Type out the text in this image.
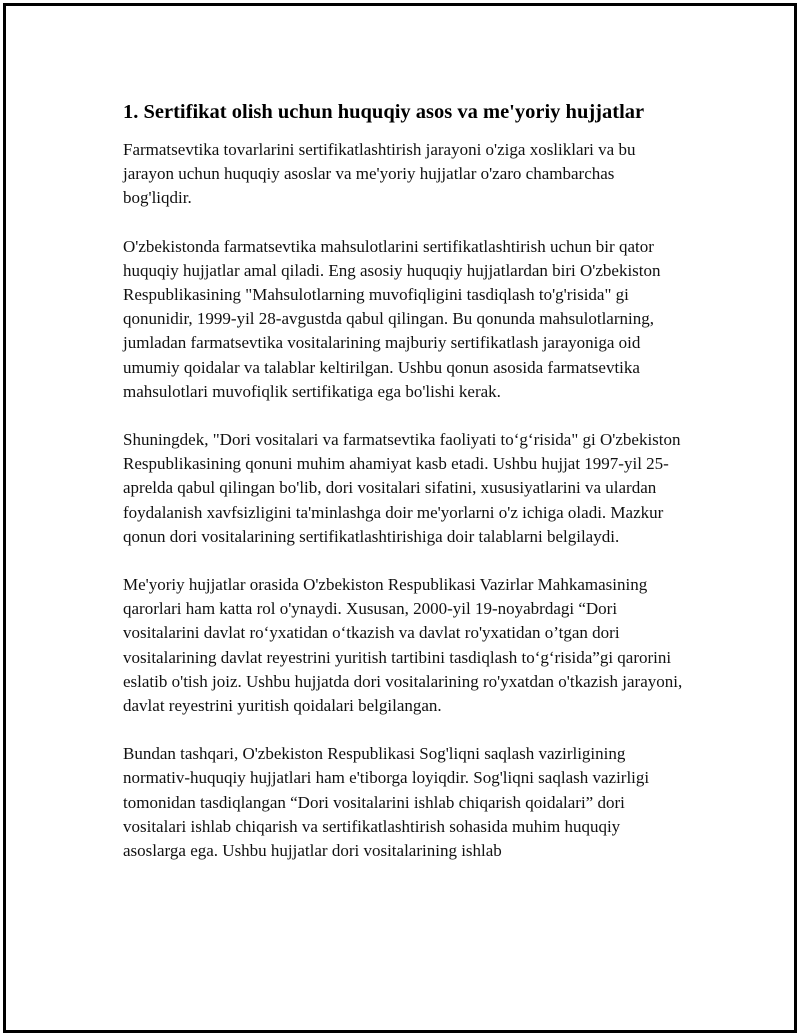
1. Sertifikat olish uchun huquqiy asos va me'yoriy hujjatlar

Farmatsevtika tovarlarini sertifikatlashtirish jarayoni o'ziga xosliklari va bu jarayon uchun huquqiy asoslar va me'yoriy hujjatlar o'zaro chambarchas bog'liqdir.

O'zbekistonda farmatsevtika mahsulotlarini sertifikatlashtirish uchun bir qator huquqiy hujjatlar amal qiladi. Eng asosiy huquqiy hujjatlardan biri O'zbekiston Respublikasining "Mahsulotlarning muvofiqligini tasdiqlash to'g'risida" gi qonunidir, 1999-yil 28-avgustda qabul qilingan. Bu qonunda mahsulotlarning, jumladan farmatsevtika vositalarining majburiy sertifikatlash jarayoniga oid umumiy qoidalar va talablar keltirilgan. Ushbu qonun asosida farmatsevtika mahsulotlari muvofiqlik sertifikatiga ega bo'lishi kerak.

Shuningdek, "Dori vositalari va farmatsevtika faoliyati to‘g‘risida" gi O'zbekiston Respublikasining qonuni muhim ahamiyat kasb etadi. Ushbu hujjat 1997-yil 25-aprelda qabul qilingan bo'lib, dori vositalari sifatini, xususiyatlarini va ulardan foydalanish xavfsizligini ta'minlashga doir me'yorlarni o'z ichiga oladi. Mazkur qonun dori vositalarining sertifikatlashtirishiga doir talablarni belgilaydi.

Me'yoriy hujjatlar orasida O'zbekiston Respublikasi Vazirlar Mahkamasining qarorlari ham katta rol o'ynaydi. Xususan, 2000-yil 19-noyabrdagi “Dori vositalarini davlat ro‘yxatidan o‘tkazish va davlat ro'yxatidan o’tgan dori vositalarining davlat reyestrini yuritish tartibini tasdiqlash to‘g‘risida”gi qarorini eslatib o'tish joiz. Ushbu hujjatda dori vositalarining ro'yxatdan o'tkazish jarayoni, davlat reyestrini yuritish qoidalari belgilangan.

Bundan tashqari, O'zbekiston Respublikasi Sog'liqni saqlash vazirligining normativ-huquqiy hujjatlari ham e'tiborga loyiqdir. Sog'liqni saqlash vazirligi tomonidan tasdiqlangan “Dori vositalarini ishlab chiqarish qoidalari” dori vositalari ishlab chiqarish va sertifikatlashtirish sohasida muhim huquqiy asoslarga ega. Ushbu hujjatlar dori vositalarining ishlab
